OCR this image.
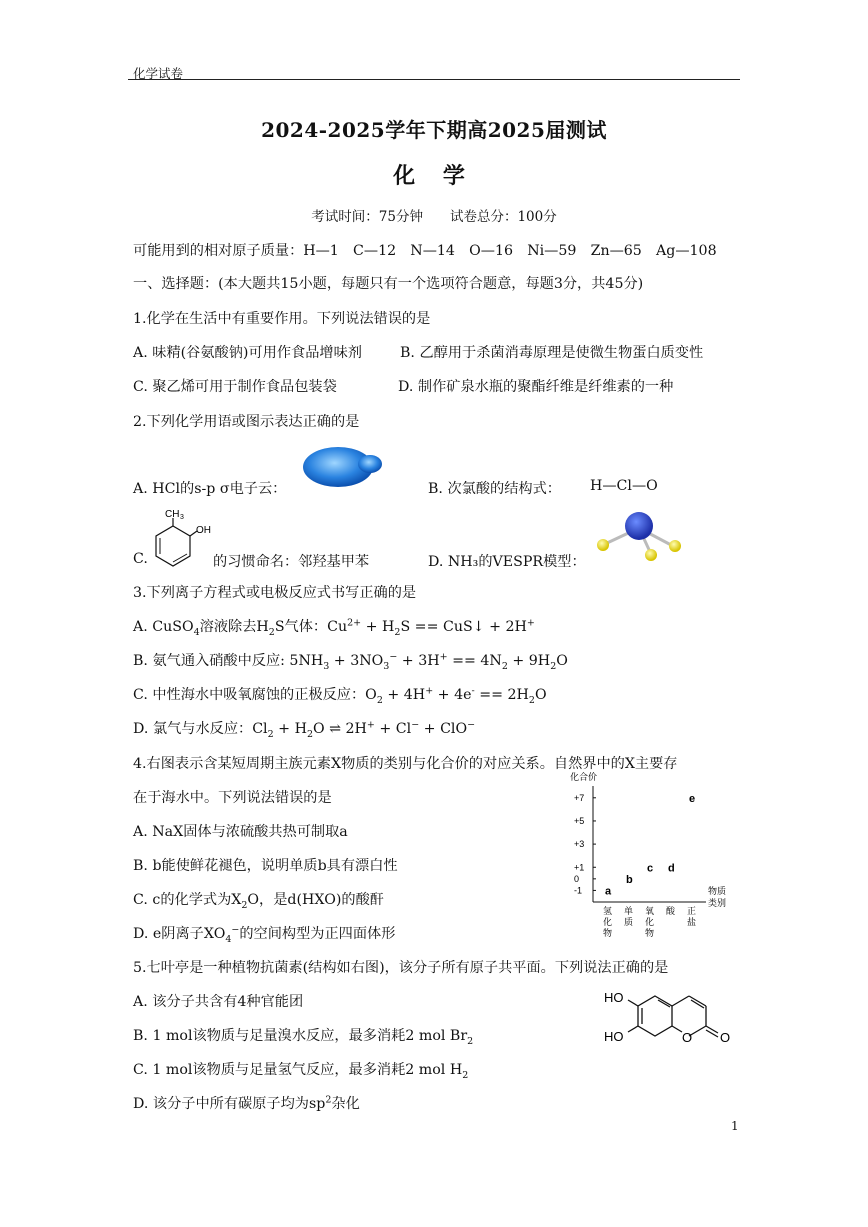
化学试卷
2024-2025学年下期高2025届测试
化 学
考试时间：75分钟　　试卷总分：100分
可能用到的相对原子质量：H—1　C—12　N—14　O—16　Ni—59　Zn—65　Ag—108
一、选择题：(本大题共15小题，每题只有一个选项符合题意，每题3分，共45分)
1.化学在生活中有重要作用。下列说法错误的是
A. 味精(谷氨酸钠)可用作食品增味剂	B. 乙醇用于杀菌消毒原理是使微生物蛋白质变性
C. 聚乙烯可用于制作食品包装袋	D. 制作矿泉水瓶的聚酯纤维是纤维素的一种
2.下列化学用语或图示表达正确的是
A. HCl的s-p σ电子云：	B. 次氯酸的结构式： H—Cl—O
C.
CH 3
OH
的习惯命名：邻羟基甲苯	D. NH₃的VESPR模型：
3.下列离子方程式或电极反应式书写正确的是
A. CuSO$_4$溶液除去$H_2S$气体：$Cu^{2+} + H_2S$ == CuS↓ + 2H+
B. 氨气通入硝酸中反应: $5NH_3 + 3NO_3^- + 3H^+ == 4N_2 + 9H_2O$
C. 中性海水中吸氧腐蚀的正极反应：$O_2 + 4H^+ + 4e^- == 2H_2O$
D. 氯气与水反应：$Cl_2 + H_2O$ ⇌ 2H+ + Cl− + ClO−
4.右图表示含某短周期主族元素X物质的类别与化合价的对应关系。自然界中的X主要存
在于海水中。下列说法错误的是
A. NaX固体与浓硫酸共热可制取a
B. b能使鲜花褪色，说明单质b具有漂白性
C. c的化学式为$X_2O$，是d(HXO)的酸酐
D. e阴离子$XO_4^-$的空间构型为正四面体形
化合价
+7
+5
+3
+1
0
-1
氢
化
物
单
质
氧
化
物
酸 正
盐
a
b
c d
e
物质
类别
5.七叶亭是一种植物抗菌素(结构如右图)，该分子所有原子共平面。下列说法正确的是
A. 该分子共含有4种官能团
B. 1 mol该物质与足量溴水反应，最多消耗2 mol $Br_2$
C. 1 mol该物质与足量氢气反应，最多消耗2 mol $H_2$
D. 该分子中所有碳原子均为$sp^2$杂化
HO
HO	O O
1
